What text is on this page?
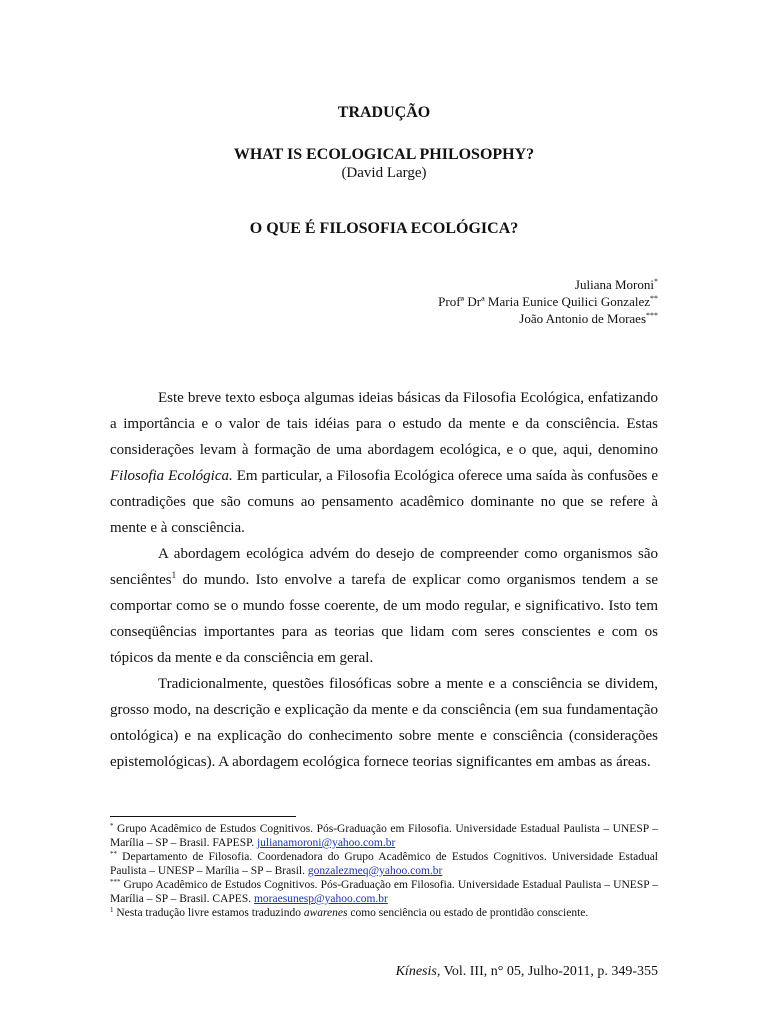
TRADUÇÃO
WHAT IS ECOLOGICAL PHILOSOPHY?
(David Large)
O QUE É FILOSOFIA ECOLÓGICA?
Juliana Moroni*
Profª Drª Maria Eunice Quilici Gonzalez**
João Antonio de Moraes***

Este breve texto esboça algumas ideias básicas da Filosofia Ecológica, enfatizando a importância e o valor de tais idéias para o estudo da mente e da consciência. Estas considerações levam à formação de uma abordagem ecológica, e o que, aqui, denomino Filosofia Ecológica. Em particular, a Filosofia Ecológica oferece uma saída às confusões e contradições que são comuns ao pensamento acadêmico dominante no que se refere à mente e à consciência.

A abordagem ecológica advém do desejo de compreender como organismos são senciêntes$^1$ do mundo. Isto envolve a tarefa de explicar como organismos tendem a se comportar como se o mundo fosse coerente, de um modo regular, e significativo. Isto tem conseqüências importantes para as teorias que lidam com seres conscientes e com os tópicos da mente e da consciência em geral.

Tradicionalmente, questões filosóficas sobre a mente e a consciência se dividem, grosso modo, na descrição e explicação da mente e da consciência (em sua fundamentação ontológica) e na explicação do conhecimento sobre mente e consciência (considerações epistemológicas). A abordagem ecológica fornece teorias significantes em ambas as áreas.

* Grupo Acadêmico de Estudos Cognitivos. Pós-Graduação em Filosofia. Universidade Estadual Paulista – UNESP – Marília – SP – Brasil. FAPESP. julianamoroni@yahoo.com.br

** Departamento de Filosofia. Coordenadora do Grupo Acadêmico de Estudos Cognitivos. Universidade Estadual Paulista – UNESP – Marília – SP – Brasil. gonzalezmeq@yahoo.com.br

*** Grupo Acadêmico de Estudos Cognitivos. Pós-Graduação em Filosofia. Universidade Estadual Paulista – UNESP – Marília – SP – Brasil. CAPES. moraesunesp@yahoo.com.br

$^1$ Nesta tradução livre estamos traduzindo awarenes como senciência ou estado de prontidão consciente.

Kínesis, Vol. III, n° 05, Julho-2011, p. 349-355
